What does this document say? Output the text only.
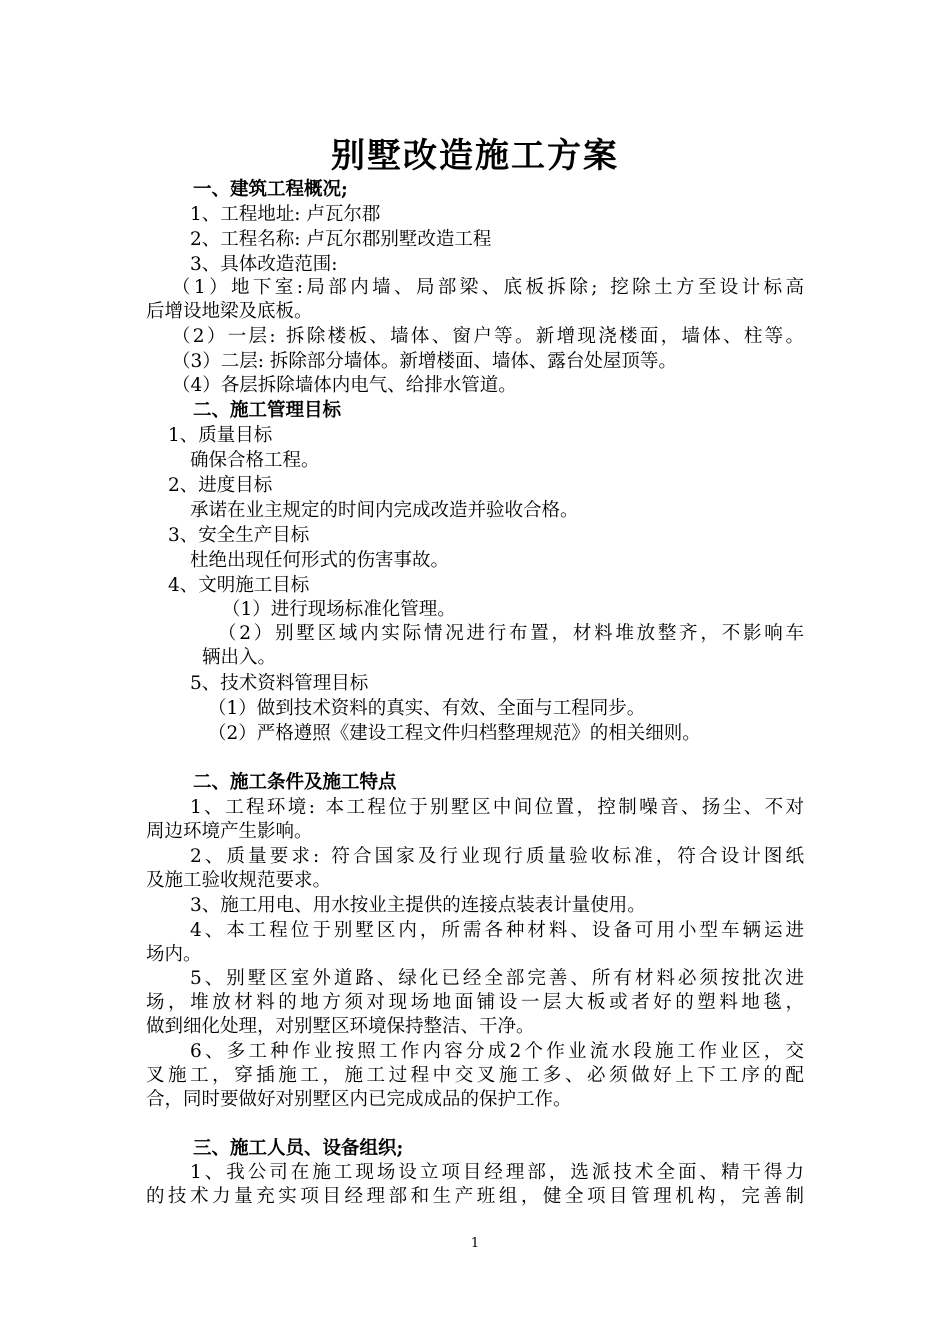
别墅改造施工方案
一、建筑工程概况;
1、工程地址: 卢瓦尔郡
2、工程名称: 卢瓦尔郡别墅改造工程
3、具体改造范围:
（1）地下室:局部内墙、局部梁、底板拆除; 挖除土方至设计标高
后增设地梁及底板。
（2）一层: 拆除楼板、墙体、窗户等。新增现浇楼面，墙体、柱等。
（3）二层: 拆除部分墙体。新增楼面、墙体、露台处屋顶等。
（4）各层拆除墙体内电气、给排水管道。
二、施工管理目标
1、质量目标
确保合格工程。
2、进度目标
承诺在业主规定的时间内完成改造并验收合格。
3、安全生产目标
杜绝出现任何形式的伤害事故。
4、文明施工目标
（1）进行现场标准化管理。
（2）别墅区域内实际情况进行布置，材料堆放整齐，不影响车
辆出入。
5、技术资料管理目标
（1）做到技术资料的真实、有效、全面与工程同步。
（2）严格遵照《建设工程文件归档整理规范》的相关细则。
二、施工条件及施工特点
1、工程环境: 本工程位于别墅区中间位置，控制噪音、扬尘、不对
周边环境产生影响。
2、质量要求: 符合国家及行业现行质量验收标准，符合设计图纸
及施工验收规范要求。
3、施工用电、用水按业主提供的连接点装表计量使用。
4、本工程位于别墅区内，所需各种材料、设备可用小型车辆运进
场内。
5、别墅区室外道路、绿化已经全部完善、所有材料必须按批次进
场，堆放材料的地方须对现场地面铺设一层大板或者好的塑料地毯，
做到细化处理，对别墅区环境保持整洁、干净。
6、多工种作业按照工作内容分成2个作业流水段施工作业区，交
叉施工，穿插施工，施工过程中交叉施工多、必须做好上下工序的配
合，同时要做好对别墅区内已完成成品的保护工作。
三、施工人员、设备组织;
1、我公司在施工现场设立项目经理部，选派技术全面、精干得力
的技术力量充实项目经理部和生产班组，健全项目管理机构，完善制
1
